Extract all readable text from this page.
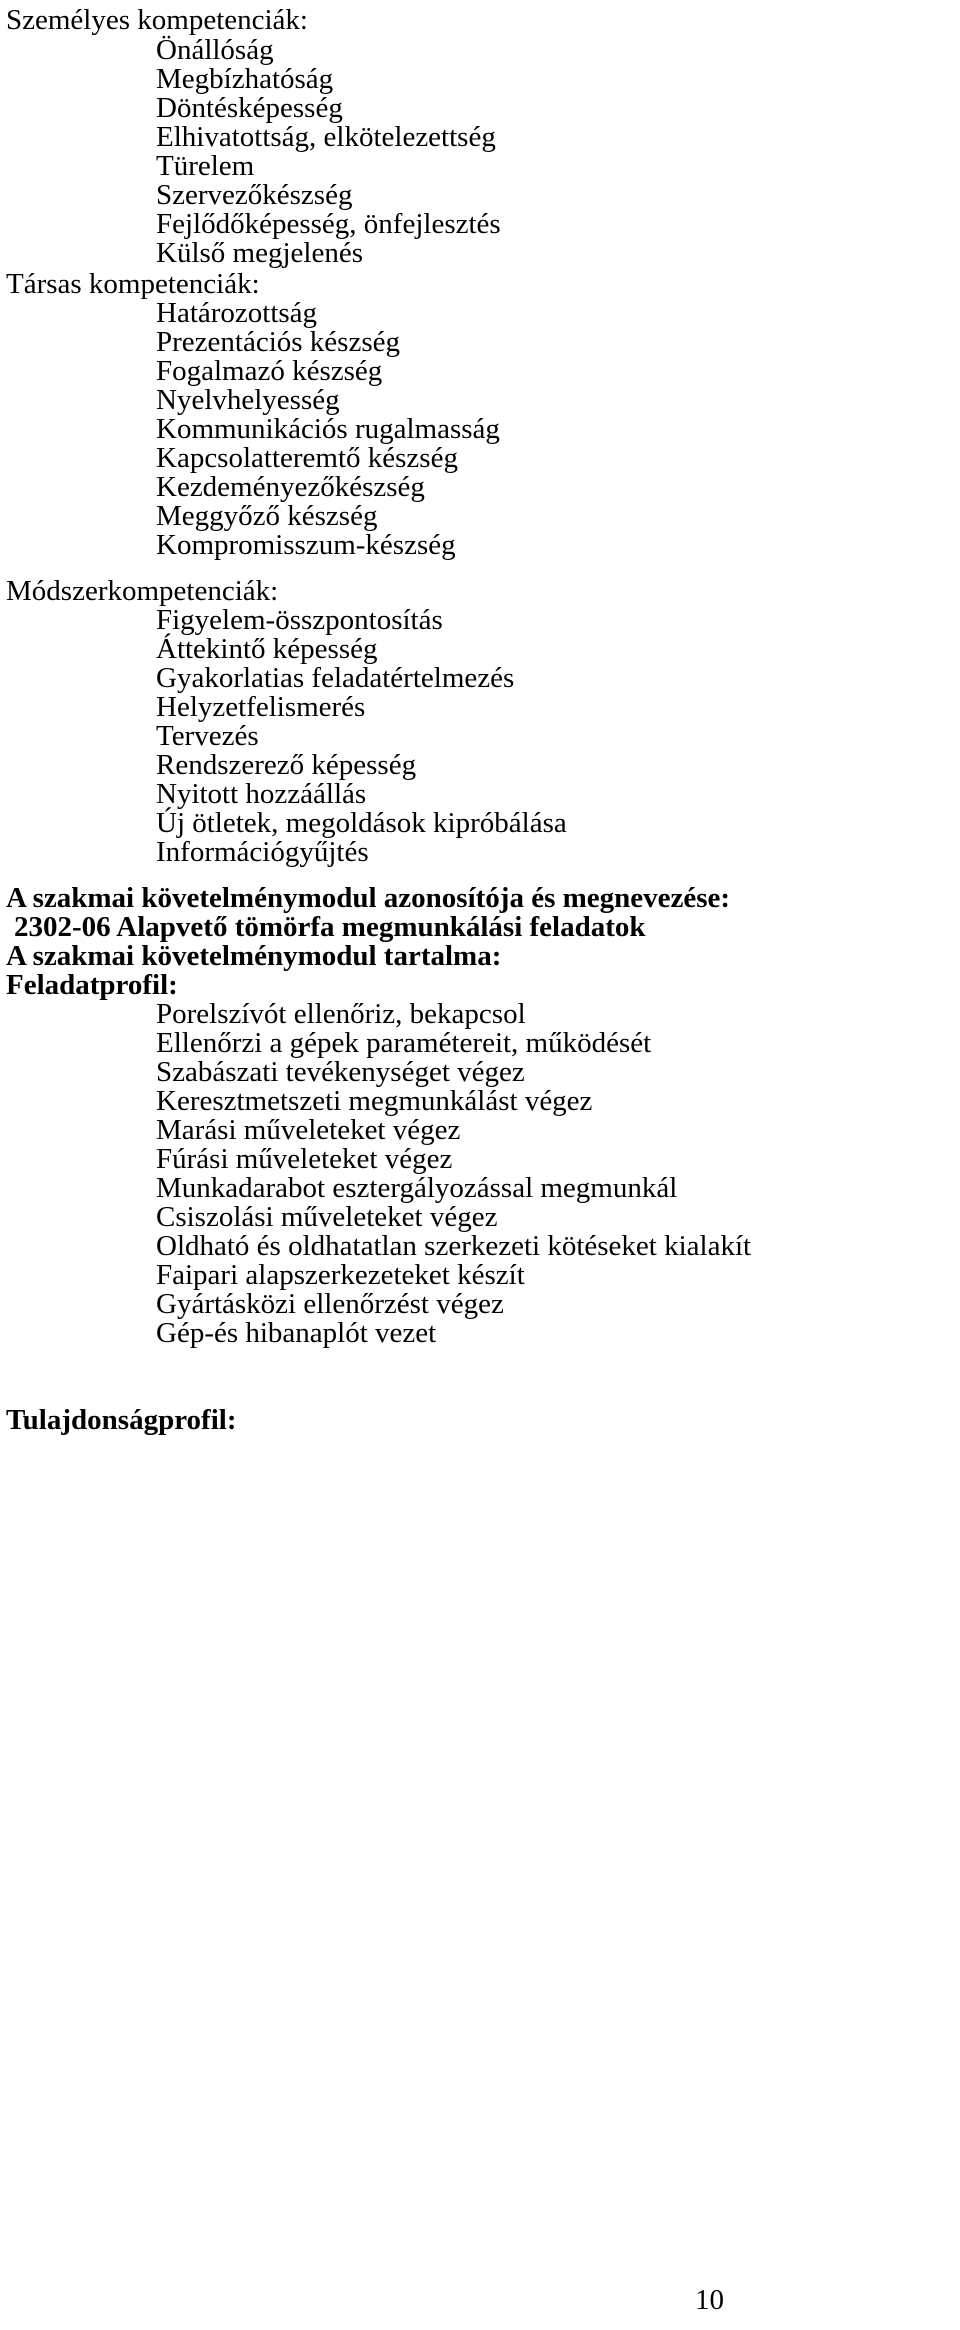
Személyes kompetenciák:
Önállóság
Megbízhatóság
Döntésképesség
Elhivatottság, elkötelezettség
Türelem
Szervezőkészség
Fejlődőképesség, önfejlesztés
Külső megjelenés
Társas kompetenciák:
Határozottság
Prezentációs készség
Fogalmazó készség
Nyelvhelyesség
Kommunikációs rugalmasság
Kapcsolatteremtő készség
Kezdeményezőkészség
Meggyőző készség
Kompromisszum-készség
Módszerkompetenciák:
Figyelem-összpontosítás
Áttekintő képesség
Gyakorlatias feladatértelmezés
Helyzetfelismerés
Tervezés
Rendszerező képesség
Nyitott hozzáállás
Új ötletek, megoldások kipróbálása
Információgyűjtés
A szakmai követelménymodul azonosítója és megnevezése:
2302-06 Alapvető tömörfa megmunkálási feladatok
A szakmai követelménymodul tartalma:
Feladatprofil:
Porelszívót ellenőriz, bekapcsol
Ellenőrzi a gépek paramétereit, működését
Szabászati tevékenységet végez
Keresztmetszeti megmunkálást végez
Marási műveleteket végez
Fúrási műveleteket végez
Munkadarabot esztergályozással megmunkál
Csiszolási műveleteket végez
Oldható és oldhatatlan szerkezeti kötéseket kialakít
Faipari alapszerkezeteket készít
Gyártásközi ellenőrzést végez
Gép-és hibanaplót vezet
Tulajdonságprofil:
10
